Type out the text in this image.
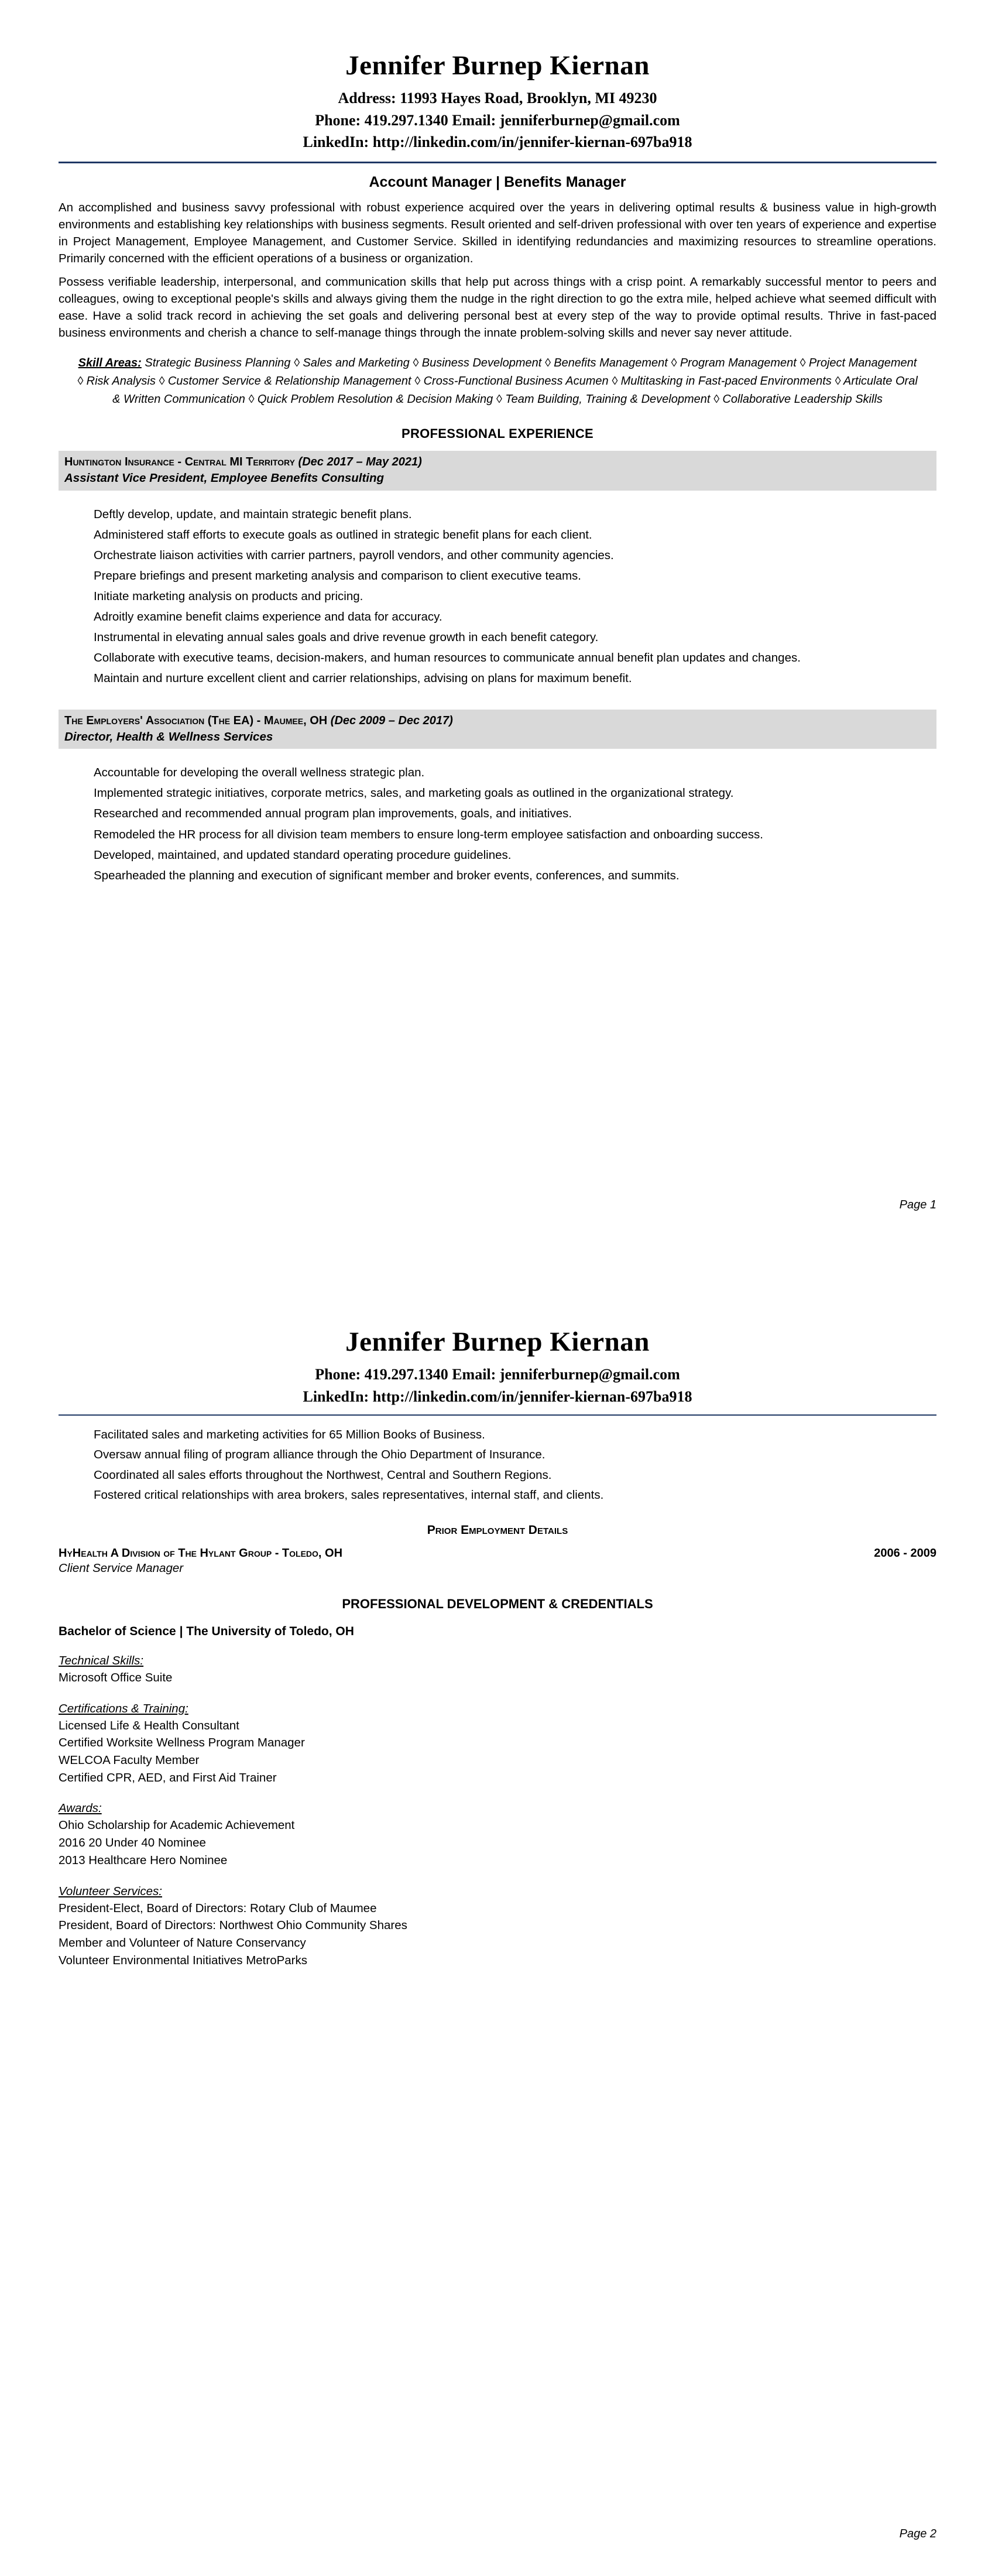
Jennifer Burnep Kiernan
Address: 11993 Hayes Road, Brooklyn, MI 49230
Phone: 419.297.1340 Email: jenniferburnep@gmail.com
LinkedIn: http://linkedin.com/in/jennifer-kiernan-697ba918
Account Manager | Benefits Manager

An accomplished and business savvy professional with robust experience acquired over the years in delivering optimal results & business value in high-growth environments and establishing key relationships with business segments. Result oriented and self-driven professional with over ten years of experience and expertise in Project Management, Employee Management, and Customer Service. Skilled in identifying redundancies and maximizing resources to streamline operations. Primarily concerned with the efficient operations of a business or organization.

Possess verifiable leadership, interpersonal, and communication skills that help put across things with a crisp point. A remarkably successful mentor to peers and colleagues, owing to exceptional people's skills and always giving them the nudge in the right direction to go the extra mile, helped achieve what seemed difficult with ease. Have a solid track record in achieving the set goals and delivering personal best at every step of the way to provide optimal results. Thrive in fast-paced business environments and cherish a chance to self-manage things through the innate problem-solving skills and never say never attitude.

Skill Areas: Strategic Business Planning ◊ Sales and Marketing ◊ Business Development ◊ Benefits Management ◊ Program Management ◊ Project Management ◊ Risk Analysis ◊ Customer Service & Relationship Management ◊ Cross-Functional Business Acumen ◊ Multitasking in Fast-paced Environments ◊ Articulate Oral & Written Communication ◊ Quick Problem Resolution & Decision Making ◊ Team Building, Training & Development ◊ Collaborative Leadership Skills
PROFESSIONAL EXPERIENCE
Huntington Insurance - Central MI Territory (Dec 2017 – May 2021)
Assistant Vice President, Employee Benefits Consulting
Deftly develop, update, and maintain strategic benefit plans.
Administered staff efforts to execute goals as outlined in strategic benefit plans for each client.
Orchestrate liaison activities with carrier partners, payroll vendors, and other community agencies.
Prepare briefings and present marketing analysis and comparison to client executive teams.
Initiate marketing analysis on products and pricing.
Adroitly examine benefit claims experience and data for accuracy.
Instrumental in elevating annual sales goals and drive revenue growth in each benefit category.
Collaborate with executive teams, decision-makers, and human resources to communicate annual benefit plan updates and changes.
Maintain and nurture excellent client and carrier relationships, advising on plans for maximum benefit.
The Employers' Association (The EA) - Maumee, OH (Dec 2009 – Dec 2017)
Director, Health & Wellness Services
Accountable for developing the overall wellness strategic plan.
Implemented strategic initiatives, corporate metrics, sales, and marketing goals as outlined in the organizational strategy.
Researched and recommended annual program plan improvements, goals, and initiatives.
Remodeled the HR process for all division team members to ensure long-term employee satisfaction and onboarding success.
Developed, maintained, and updated standard operating procedure guidelines.
Spearheaded the planning and execution of significant member and broker events, conferences, and summits.
Page 1
Jennifer Burnep Kiernan
Phone: 419.297.1340 Email: jenniferburnep@gmail.com
LinkedIn: http://linkedin.com/in/jennifer-kiernan-697ba918
Facilitated sales and marketing activities for 65 Million Books of Business.
Oversaw annual filing of program alliance through the Ohio Department of Insurance.
Coordinated all sales efforts throughout the Northwest, Central and Southern Regions.
Fostered critical relationships with area brokers, sales representatives, internal staff, and clients.
Prior Employment Details
HyHealth A Division of The Hylant Group - Toledo, OH	2006 - 2009
Client Service Manager
PROFESSIONAL DEVELOPMENT & CREDENTIALS
Bachelor of Science | The University of Toledo, OH
Technical Skills:
Microsoft Office Suite
Certifications & Training:
Licensed Life & Health Consultant
Certified Worksite Wellness Program Manager
WELCOA Faculty Member
Certified CPR, AED, and First Aid Trainer
Awards:
Ohio Scholarship for Academic Achievement
2016 20 Under 40 Nominee
2013 Healthcare Hero Nominee
Volunteer Services:
President-Elect, Board of Directors: Rotary Club of Maumee
President, Board of Directors: Northwest Ohio Community Shares
Member and Volunteer of Nature Conservancy
Volunteer Environmental Initiatives MetroParks
Page 2
